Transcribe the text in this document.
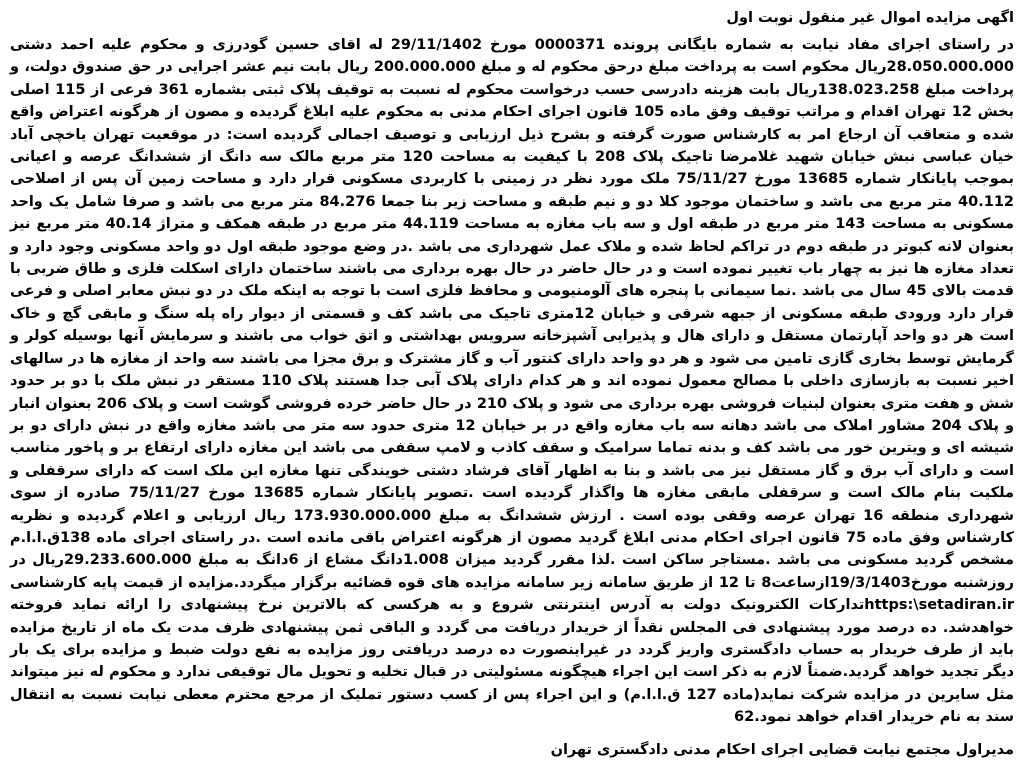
اگهی مزایده اموال غیر منقول نوبت اول

در راستای اجرای مفاد نیابت به شماره بایگانی پرونده 0000371 مورخ 29/11/1402 له اقای حسین گودرزی و محکوم علیه احمد دشتی 28.050.000.000ریال محکوم است به پرداخت مبلغ درحق محکوم له و مبلغ 200.000.000 ریال بابت نیم عشر اجرایی در حق صندوق دولت، و پرداخت مبلغ 138.023.258ریال بابت هزینه دادرسی حسب درخواست محکوم له نسبت به توقیف پلاک ثبتی بشماره 361 فرعی از 115 اصلی بخش 12 تهران اقدام و مراتب توقیف وفق ماده 105 قانون اجرای احکام مدنی به محکوم علیه ابلاغ گردیده و مصون از هرگونه اعتراض واقع شده و متعاقب آن ارجاع امر به کارشناس صورت گرفته و بشرح ذیل ارزیابی و توصیف اجمالی گردیده است: در موقعیت تهران یاخچی آباد خیان عباسی نبش خیابان شهید غلامرضا تاجیک پلاک 208 با کیفیت به مساحت 120 متر مربع مالک سه دانگ از ششدانگ عرصه و اعیانی بموجب پایانکار شماره 13685 مورخ 75/11/27 ملک مورد نظر در زمینی با کاربردی مسکونی قرار دارد و مساحت زمین آن پس از اصلاحی 40.112 متر مربع می باشد و ساختمان موجود کلا دو و نیم طبقه و مساحت زیر بنا جمعا 84.276 متر مربع می باشد و صرفا شامل یک واحد مسکونی به مساحت 143 متر مربع در طبقه اول و سه باب مغازه به مساحت 44.119 متر مربع در طبقه همکف و متراژ 40.14 متر مربع نیز بعنوان لانه کبوتر در طبقه دوم در تراکم لحاظ شده و ملاک عمل شهرداری می باشد .در وضع موجود طبقه اول دو واحد مسکونی وجود دارد و تعداد مغازه ها نیز به چهار باب تغییر نموده است و در حال حاضر در حال بهره برداری می باشند ساختمان دارای اسکلت فلزی و طاق ضربی با قدمت بالای 45 سال می باشد .نما سیمانی با پنجره های آلومنیومی و محافظ فلزی است با توجه به اینکه ملک در دو نبش معابر اصلی و فرعی قرار دارد ورودی طبقه مسکونی از جبهه شرقی و خیابان 12متری تاجیک می باشد کف و قسمتی از دیوار راه پله سنگ و مابقی گچ و خاک است هر دو واحد آپارتمان مستقل و دارای هال و پذیرایی آشپزخانه سرویس بهداشتی و اتق خواب می باشند و سرمایش آنها بوسیله کولر و گرمایش توسط بخاری گازی تامین می شود و هر دو واحد دارای کنتور آب و گاز مشترک و برق مجزا می باشند سه واحد از مغازه ها در سالهای اخیر نسبت به بازسازی داخلی با مصالح معمول نموده اند و هر کدام دارای پلاک آبی جدا هستند پلاک 110 مستقر در نبش ملک با دو بر حدود شش و هفت متری بعنوان لبنیات فروشی بهره برداری می شود و پلاک 210 در حال حاضر خرده فروشی گوشت است و پلاک 206 بعنوان انبار و پلاک 204 مشاور املاک می باشد دهانه سه باب مغازه واقع در بر خیابان 12 متری حدود سه متر می باشد مغازه واقع در نبش دارای دو بر شیشه ای و ویترین خور می باشد کف و بدنه تماما سرامیک و سقف کاذب و لامپ سقفی می باشد این مغازه دارای ارتفاع بر و پاخور مناسب است و دارای آب برق و گاز مستقل نیز می باشد و بنا به اظهار آقای فرشاد دشتی خویندگی تنها مغازه این ملک است که دارای سرقفلی و ملکیت بنام مالک است و سرقفلی مابقی مغازه ها واگذار گردیده است .تصویر پایانکار شماره 13685 مورخ 75/11/27 صادره از سوی شهرداری منطقه 16 تهران عرصه وقفی بوده است . ارزش ششدانگ به مبلغ 173.930.000.000 ریال ارزیابی و اعلام گردیده و نظریه کارشناس وفق ماده 75 قانون اجرای احکام مدنی ابلاغ گردید مصون از هرگونه اعتراض باقی مانده است .در راستای اجرای ماده 138ق.ا.ا.م مشخص گردید مسکونی می باشد .مستاجر ساکن است .لذا مقرر گردید میزان 1.008دانگ مشاع از 6دانگ به مبلغ 29.233.600.000ریال در روزشنبه مورخ19/3/1403ازساعت8 تا 12 از طریق سامانه زیر سامانه مزایده های قوه قضائیه برگزار میگردد.مزایده از قیمت پایه کارشناسی https:\setadiran.irتدارکات الکترونیک دولت به آدرس اینترنتی شروع و به هرکسی که بالاترین نرخ پیشنهادی را ارائه نماید فروخته خواهدشد. ده درصد مورد پیشنهادی فی المجلس نقداً از خریدار دریافت می گردد و الباقی ثمن پیشنهادی ظرف مدت یک ماه از تاریخ مزایده باید از طرف خریدار به حساب دادگستری واریز گردد در غیراینصورت ده درصد دریافتی روز مزایده به نفع دولت ضبط و مزایده برای یک بار دیگر تجدید خواهد گردید.ضمناً لازم به ذکر است این اجراء هیچگونه مسئولیتی در قبال تخلیه و تحویل مال توقیفی ندارد و محکوم له نیز میتواند مثل سایرین در مزایده شرکت نماید(ماده 127 ق.ا.ا.م) و این اجراء پس از کسب دستور تملیک از مرجع محترم معطی نیابت نسبت به انتقال سند به نام خریدار اقدام خواهد نمود.62

مدیراول مجتمع نیابت قضایی اجرای احکام مدنی دادگستری تهران
